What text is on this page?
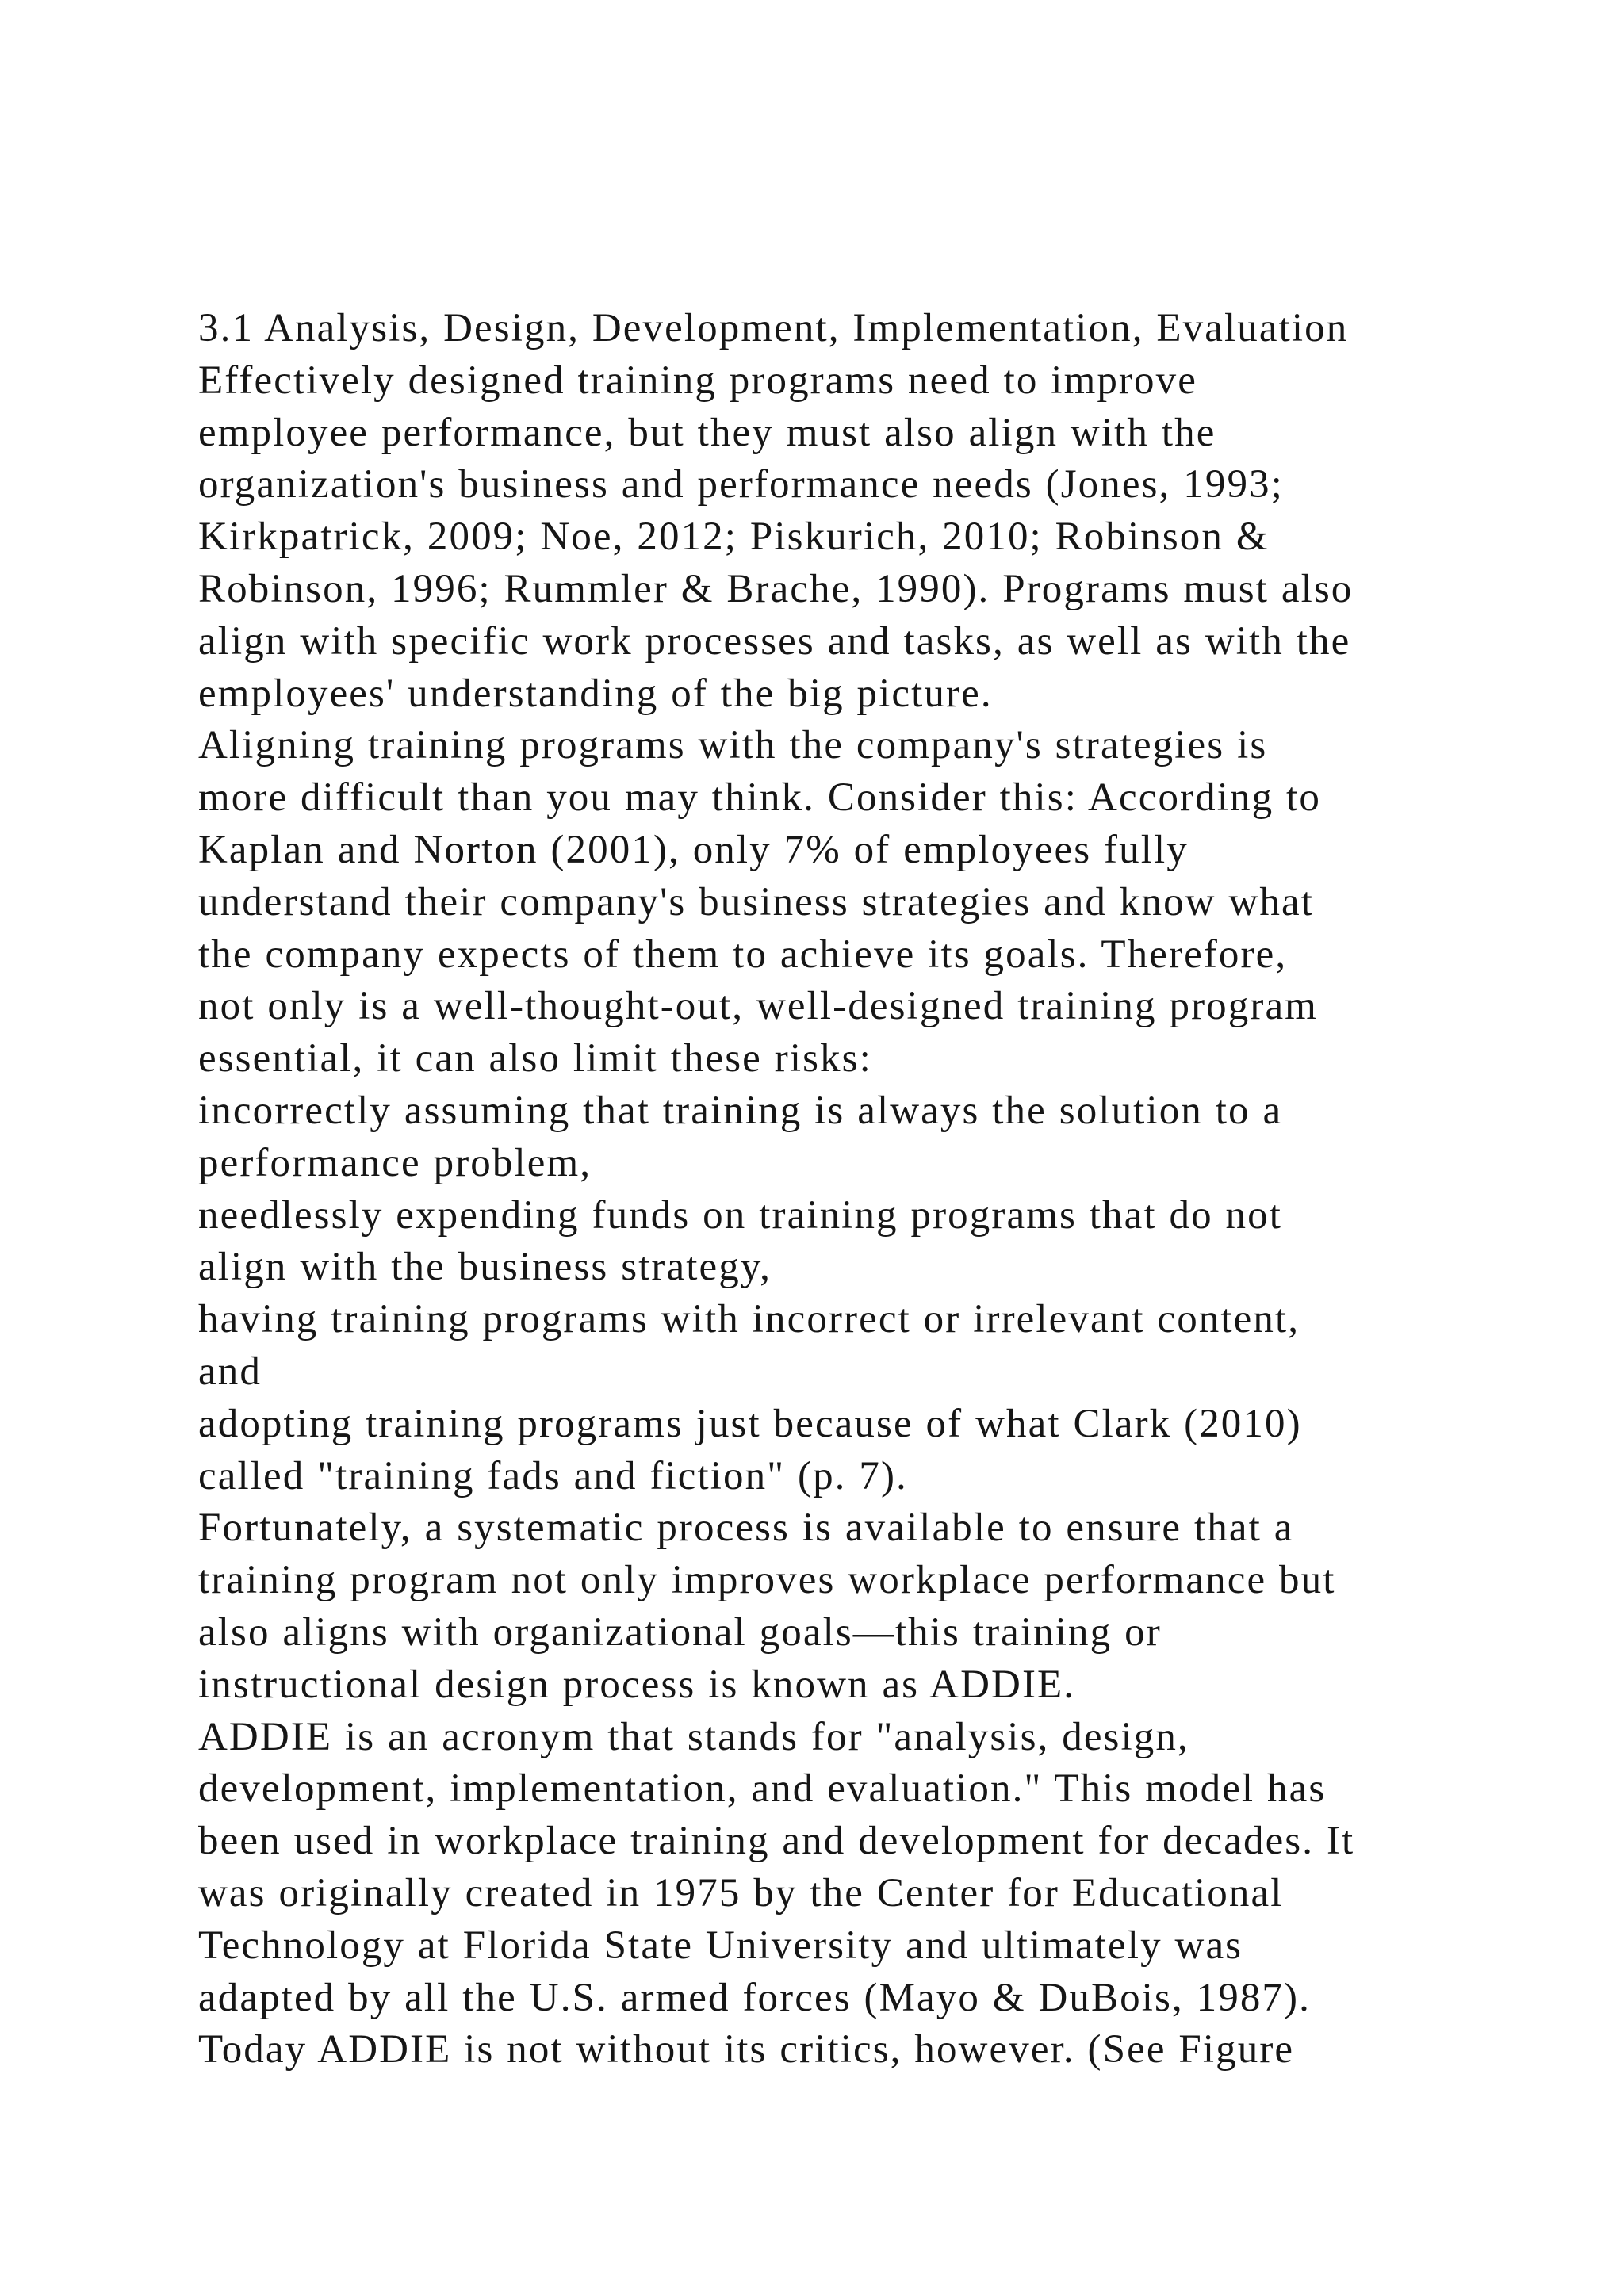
3.1 Analysis, Design, Development, Implementation, Evaluation
Effectively designed training programs need to improve
employee performance, but they must also align with the
organization's business and performance needs (Jones, 1993;
Kirkpatrick, 2009; Noe, 2012; Piskurich, 2010; Robinson &
Robinson, 1996; Rummler & Brache, 1990). Programs must also
align with specific work processes and tasks, as well as with the
employees' understanding of the big picture.
Aligning training programs with the company's strategies is
more difficult than you may think. Consider this: According to
Kaplan and Norton (2001), only 7% of employees fully
understand their company's business strategies and know what
the company expects of them to achieve its goals. Therefore,
not only is a well-thought-out, well-designed training program
essential, it can also limit these risks:
incorrectly assuming that training is always the solution to a
performance problem,
needlessly expending funds on training programs that do not
align with the business strategy,
having training programs with incorrect or irrelevant content,
and
adopting training programs just because of what Clark (2010)
called "training fads and fiction" (p. 7).
Fortunately, a systematic process is available to ensure that a
training program not only improves workplace performance but
also aligns with organizational goals—this training or
instructional design process is known as ADDIE.
ADDIE is an acronym that stands for "analysis, design,
development, implementation, and evaluation." This model has
been used in workplace training and development for decades. It
was originally created in 1975 by the Center for Educational
Technology at Florida State University and ultimately was
adapted by all the U.S. armed forces (Mayo & DuBois, 1987).
Today ADDIE is not without its critics, however. (See Figure
